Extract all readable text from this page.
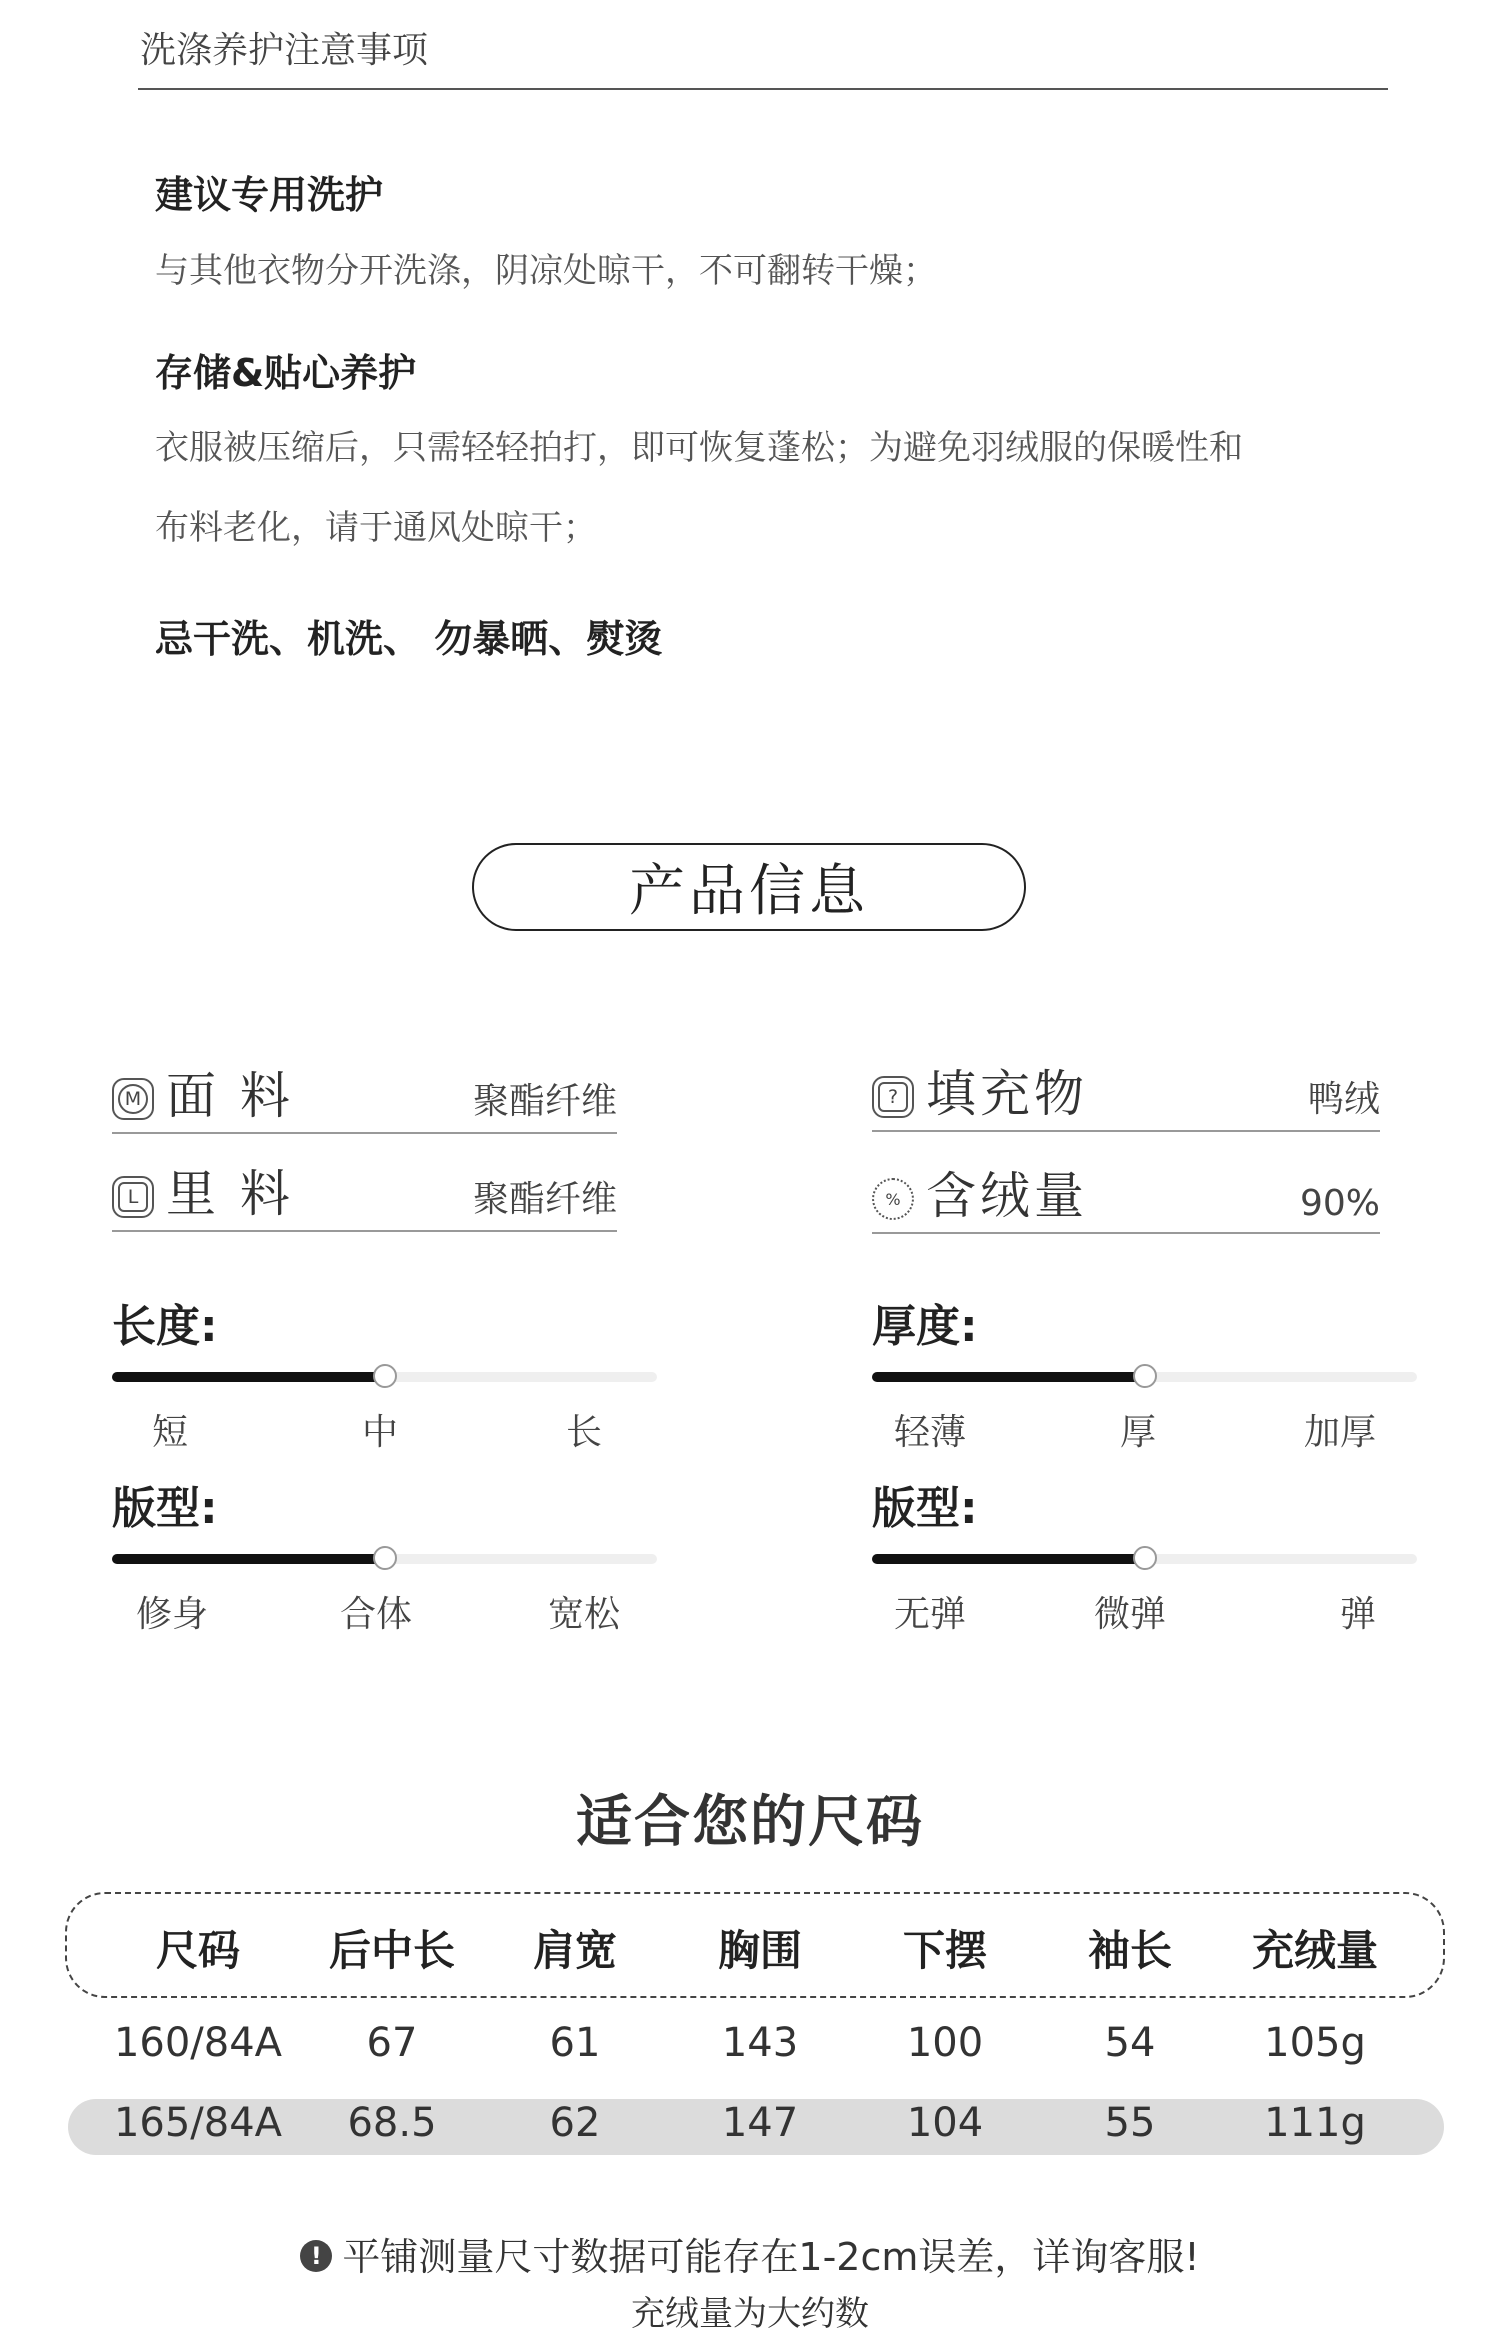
洗涤养护注意事项
建议专用洗护
与其他衣物分开洗涤，阴凉处晾干，不可翻转干燥；
存储&贴心养护
衣服被压缩后，只需轻轻拍打，即可恢复蓬松；为避免羽绒服的保暖性和
布料老化，请于通风处晾干；
忌干洗、机洗、 勿暴晒、熨烫
产品信息
M 面 料	聚酯纤维	? 填充物	鸭绒
L 里 料	聚酯纤维	% 含绒量	90%
长度:
短	中	长
厚度:
轻薄	厚	加厚
版型:
修身	合体	宽松
版型:
无弹	微弹	弹
适合您的尺码
尺码	后中长	肩宽	胸围	下摆	袖长	充绒量
160/84A	67	61	143	100	54	105g
165/84A	68.5	62	147	104	55	111g
! 平铺测量尺寸数据可能存在1-2cm误差，详询客服!
充绒量为大约数
